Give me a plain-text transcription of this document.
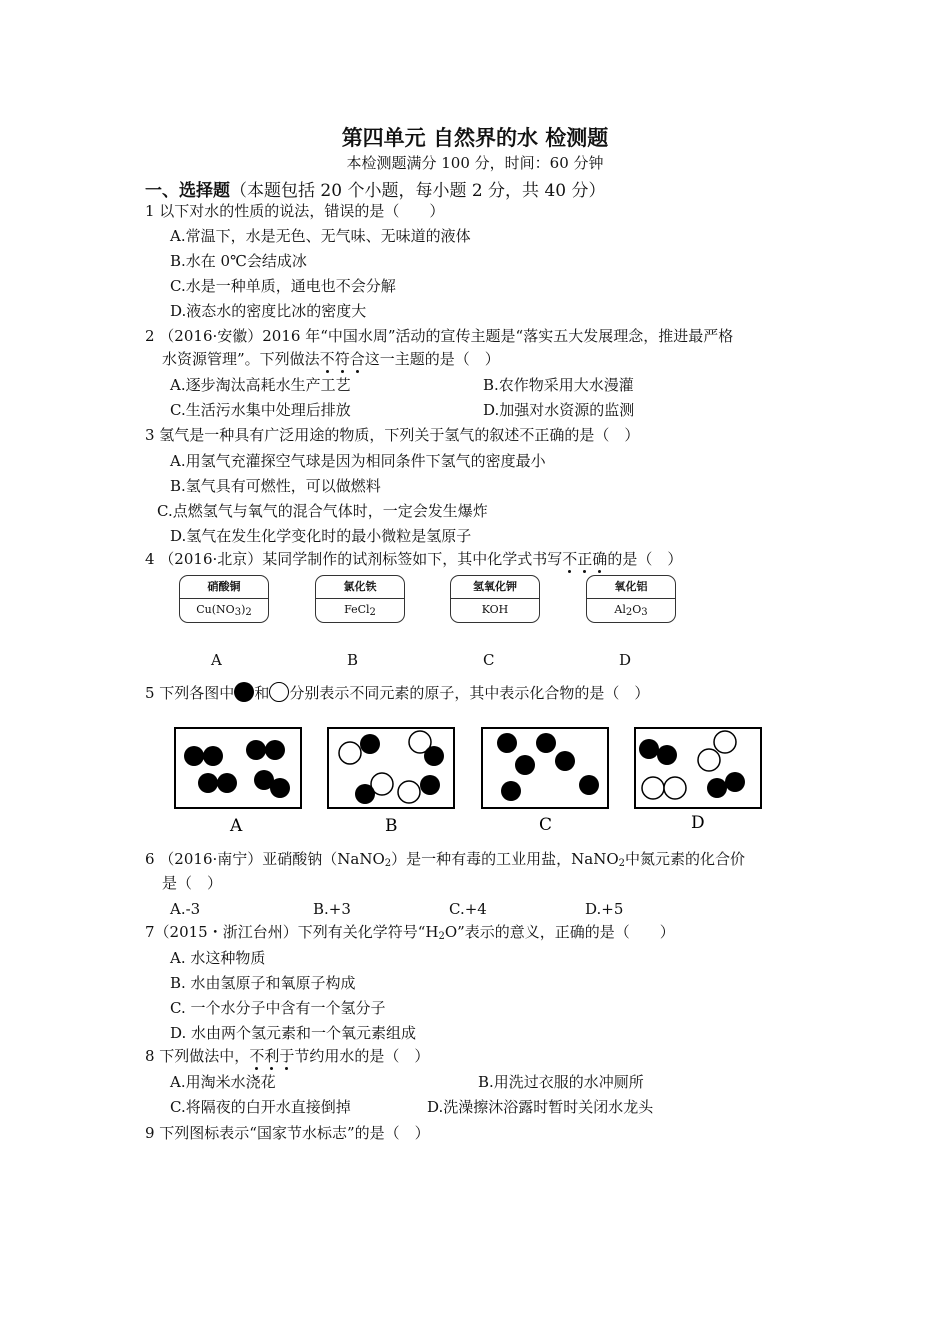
第四单元 自然界的水 检测题
本检测题满分 100 分，时间：60 分钟
一、选择题（本题包括 20 个小题，每小题 2 分，共 40 分）
1 以下对水的性质的说法，错误的是（　　）
A.常温下，水是无色、无气味、无味道的液体
B.水在 0℃会结成冰
C.水是一种单质，通电也不会分解
D.液态水的密度比冰的密度大
2 （2016·安徽）2016 年“中国水周”活动的宣传主题是“落实五大发展理念，推进最严格
水资源管理”。下列做法不符合这一主题的是（　）
A.逐步淘汰高耗水生产工艺	B.农作物采用大水漫灌
C.生活污水集中处理后排放	D.加强对水资源的监测
3 氢气是一种具有广泛用途的物质，下列关于氢气的叙述不正确的是（　）
A.用氢气充灌探空气球是因为相同条件下氢气的密度最小
B.氢气具有可燃性，可以做燃料
C.点燃氢气与氧气的混合气体时，一定会发生爆炸
D.氢气在发生化学变化时的最小微粒是氢原子
4 （2016·北京）某同学制作的试剂标签如下，其中化学式书写不正确的是（　）
硝酸铜
$Cu(NO_3)_2$
氯化铁
FeCl$_2$
氢氧化钾
KOH
氧化铝
$Al_2O_3$
A	B	C	D
5 下列各图中 和 分别表示不同元素的原子，其中表示化合物的是（　）
A	B	C	D
6 （2016·南宁）亚硝酸钠（NaNO$_2$）是一种有毒的工业用盐，NaNO$_2$中氮元素的化合价
是（　）
A.-3	B.+3	C.+4	D.+5
7（2015・浙江台州）下列有关化学符号“$H_2O$”表示的意义，正确的是（　　）
A. 水这种物质
B. 水由氢原子和氧原子构成
C. 一个水分子中含有一个氢分子
D. 水由两个氢元素和一个氧元素组成
8 下列做法中，不利于节约用水的是（　）
A.用淘米水浇花	B.用洗过衣服的水冲厕所
C.将隔夜的白开水直接倒掉	D.洗澡擦沐浴露时暂时关闭水龙头
9 下列图标表示“国家节水标志”的是（　）
